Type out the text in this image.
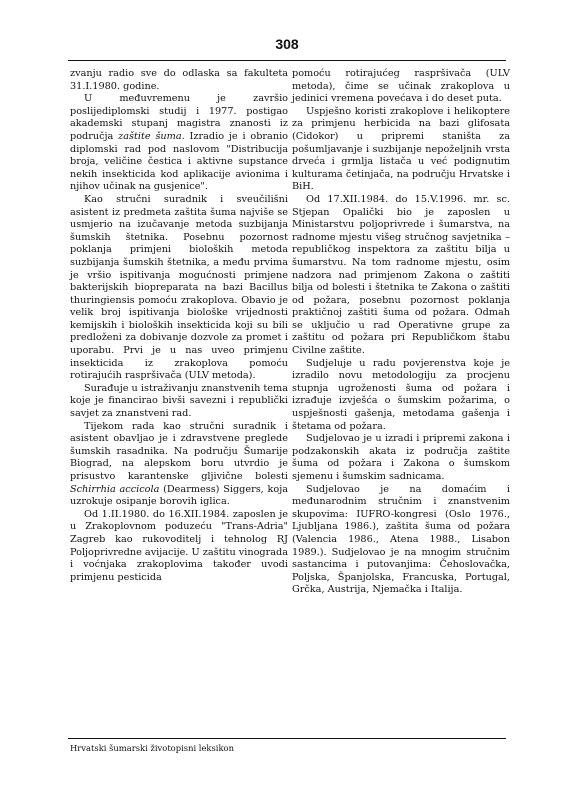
308

zvanju radio sve do odlaska sa fakulteta 31.I.1980. godine.

U međuvremenu je završio poslijediplomski studij i 1977. postigao akademski stupanj magistra znanosti iz područja zaštite šuma. Izradio je i obranio diplomski rad pod naslovom "Distribucija broja, veličine čestica i aktivne supstance nekih insekticida kod aplikacije avionima i njihov učinak na gusjenice".

Kao stručni suradnik i sveučilišni asistent iz predmeta zaštita šuma najviše se usmjerio na izučavanje metoda suzbijanja šumskih štetnika. Posebnu pozornost poklanja primjeni bioloških metoda suzbijanja šumskih štetnika, a među prvima je vršio ispitivanja mogućnosti primjene bakterijskih biopreparata na bazi Bacillus thuringiensis pomoću zrakoplova. Obavio je velik broj ispitivanja biološke vrijednosti kemijskih i bioloških insekticida koji su bili predloženi za dobivanje dozvole za promet i uporabu. Prvi je u nas uveo primjenu insekticida iz zrakoplova pomoću rotirajućih raspršivača (ULV metoda).

Surađuje u istraživanju znanstvenih tema koje je financirao bivši savezni i republički savjet za znanstveni rad.

Tijekom rada kao stručni suradnik i asistent obavljao je i zdravstvene preglede šumskih rasadnika. Na području Šumarije Biograd, na alepskom boru utvrdio je prisustvo karantenske gljivične bolesti Schirrhia accicola (Dearmess) Siggers, koja uzrokuje osipanje borovih iglica.

Od 1.II.1980. do 16.XII.1984. zaposlen je u Zrakoplovnom poduzeću "Trans-Adria" Zagreb kao rukovoditelj i tehnolog RJ Poljoprivredne avijacije. U zaštitu vinograda i voćnjaka zrakoplovima također uvodi primjenu pesticida

pomoću rotirajućeg raspršivača (ULV metoda), čime se učinak zrakoplova u jedinici vremena povećava i do deset puta.

Uspješno koristi zrakoplove i helikoptere za primjenu herbicida na bazi glifosata (Cidokor) u pripremi staništa za pošumljavanje i suzbijanje nepoželjnih vrsta drveća i grmlja listača u već podignutim kulturama četinjača, na području Hrvatske i BiH.

Od 17.XII.1984. do 15.V.1996. mr. sc. Stjepan Opalički bio je zaposlen u Ministarstvu poljoprivrede i šumarstva, na radnome mjestu višeg stručnog savjetnika – republičkog inspektora za zaštitu bilja u šumarstvu. Na tom radnome mjestu, osim nadzora nad primjenom Zakona o zaštiti bilja od bolesti i štetnika te Zakona o zaštiti od požara, posebnu pozornost poklanja praktičnoj zaštiti šuma od požara. Odmah se uključio u rad Operativne grupe za zaštitu od požara pri Republičkom štabu Civilne zaštite.

Sudjeluje u radu povjerenstva koje je izradilo novu metodologiju za procjenu stupnja ugroženosti šuma od požara i izrađuje izvješća o šumskim požarima, o uspješnosti gašenja, metodama gašenja i štetama od požara.

Sudjelovao je u izradi i pripremi zakona i podzakonskih akata iz područja zaštite šuma od požara i Zakona o šumskom sjemenu i šumskim sadnicama.

Sudjelovao je na domaćim i međunarodnim stručnim i znanstvenim skupovima: IUFRO-kongresi (Oslo 1976., Ljubljana 1986.), zaštita šuma od požara (Valencia 1986., Atena 1988., Lisabon 1989.). Sudjelovao je na mnogim stručnim sastancima i putovanjima: Čehoslovačka, Poljska, Španjolska, Francuska, Portugal, Grčka, Austrija, Njemačka i Italija.

Hrvatski šumarski životopisni leksikon
